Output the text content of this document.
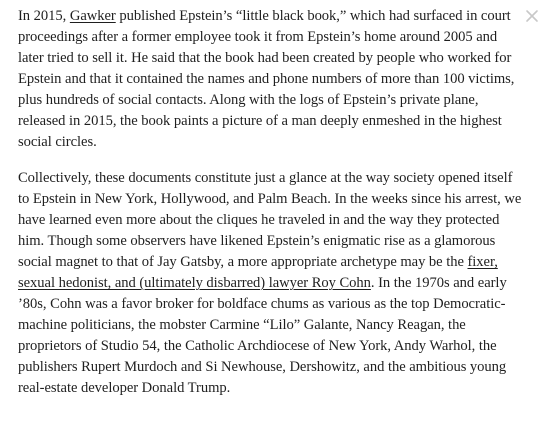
In 2015, Gawker published Epstein’s “little black book,” which had surfaced in court proceedings after a former employee took it from Epstein’s home around 2005 and later tried to sell it. He said that the book had been created by people who worked for Epstein and that it contained the names and phone numbers of more than 100 victims, plus hundreds of social contacts. Along with the logs of Epstein’s private plane, released in 2015, the book paints a picture of a man deeply enmeshed in the highest social circles.

Collectively, these documents constitute just a glance at the way society opened itself to Epstein in New York, Hollywood, and Palm Beach. In the weeks since his arrest, we have learned even more about the cliques he traveled in and the way they protected him. Though some observers have likened Epstein’s enigmatic rise as a glamorous social magnet to that of Jay Gatsby, a more appropriate archetype may be the fixer, sexual hedonist, and (ultimately disbarred) lawyer Roy Cohn. In the 1970s and early ’80s, Cohn was a favor broker for boldface chums as various as the top Democratic-machine politicians, the mobster Carmine “Lilo” Galante, Nancy Reagan, the proprietors of Studio 54, the Catholic Archdiocese of New York, Andy Warhol, the publishers Rupert Murdoch and Si Newhouse, Dershowitz, and the ambitious young real-estate developer Donald Trump.
